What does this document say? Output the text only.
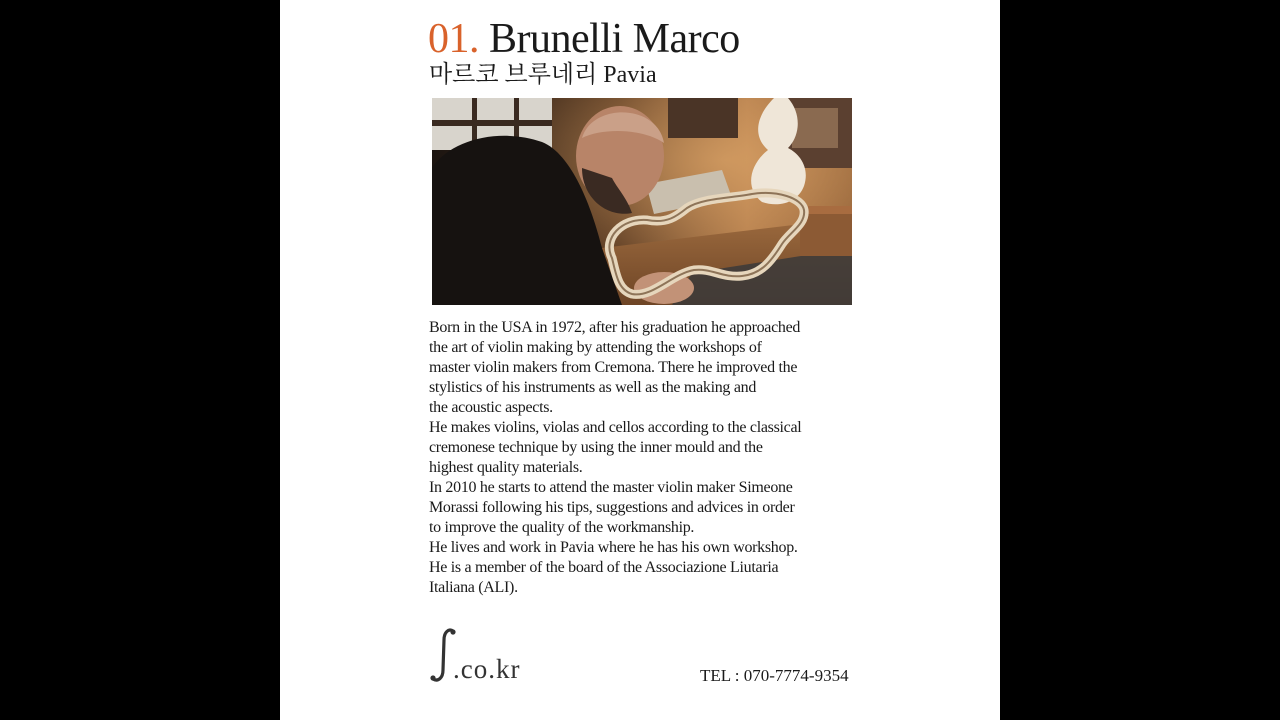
01. Brunelli Marco
마르코 브루네리 Pavia
Born in the USA in 1972, after his graduation he approached
the art of violin making by attending the workshops of
master violin makers from Cremona. There he improved the
stylistics of his instruments as well as the making and
the acoustic aspects.
He makes violins, violas and cellos according to the classical
cremonese technique by using the inner mould and the
highest quality materials.
In 2010 he starts to attend the master violin maker Simeone
Morassi following his tips, suggestions and advices in order
to improve the quality of the workmanship.
He lives and work in Pavia where he has his own workshop.
He is a member of the board of the Associazione Liutaria
Italiana (ALI).
.co.kr	TEL : 070-7774-9354
